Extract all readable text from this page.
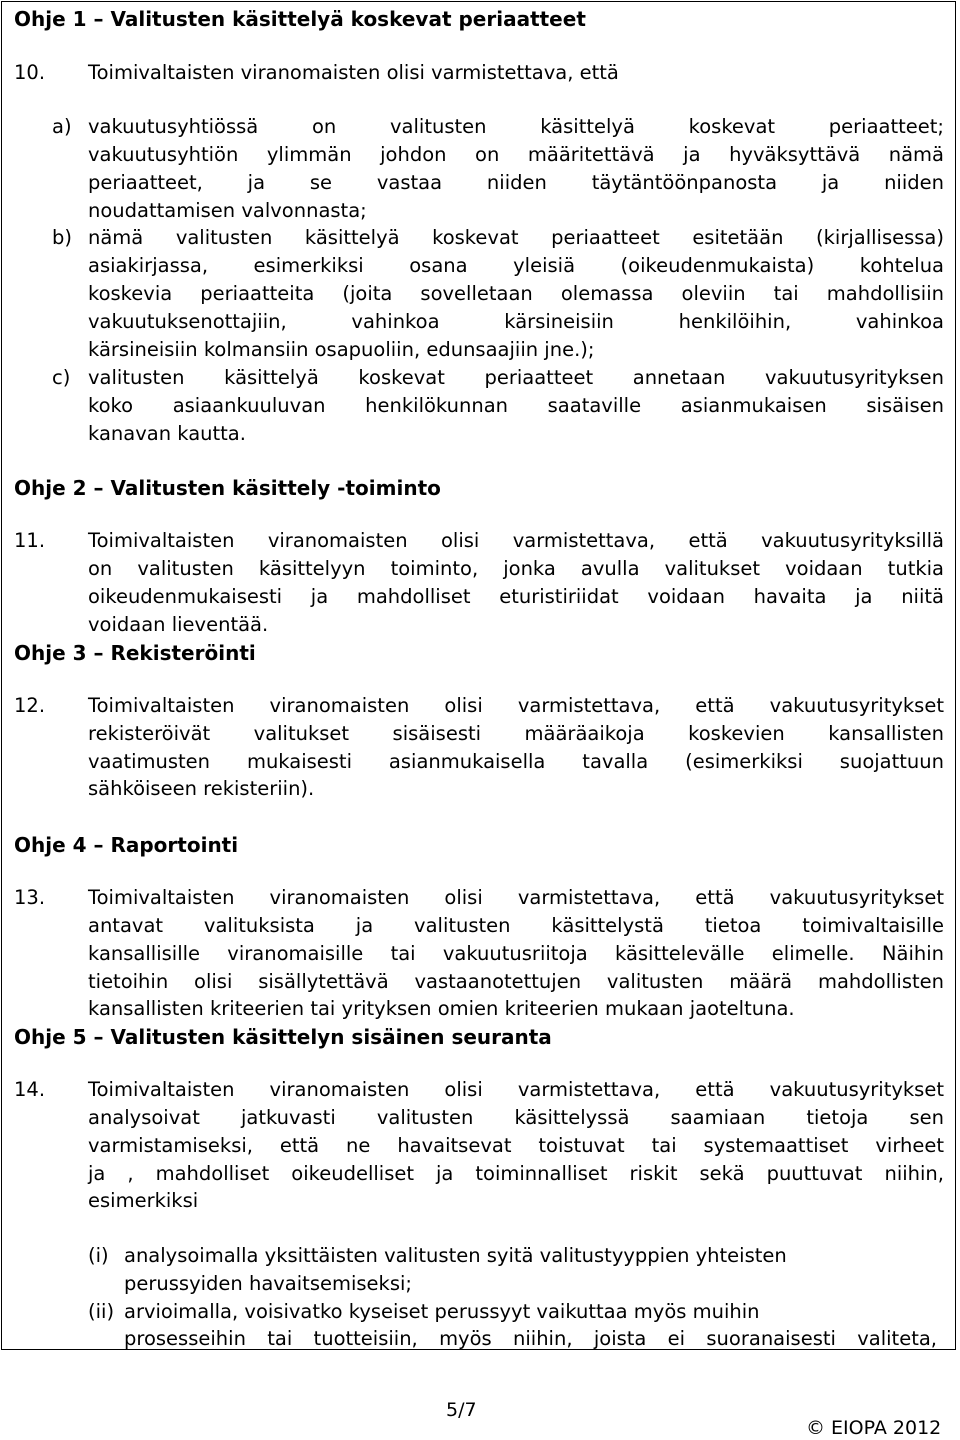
Ohje 1 – Valitusten käsittelyä koskevat periaatteet
10. Toimivaltaisten viranomaisten olisi varmistettava, että
a) vakuutusyhtiössä on valitusten käsittelyä koskevat periaatteet;
vakuutusyhtiön ylimmän johdon on määritettävä ja hyväksyttävä nämä
periaatteet, ja se vastaa niiden täytäntöönpanosta ja niiden
noudattamisen valvonnasta;
b) nämä valitusten käsittelyä koskevat periaatteet esitetään (kirjallisessa)
asiakirjassa, esimerkiksi osana yleisiä (oikeudenmukaista) kohtelua
koskevia periaatteita (joita sovelletaan olemassa oleviin tai mahdollisiin
vakuutuksenottajiin, vahinkoa kärsineisiin henkilöihin, vahinkoa
kärsineisiin kolmansiin osapuoliin, edunsaajiin jne.);
c) valitusten käsittelyä koskevat periaatteet annetaan vakuutusyrityksen
koko asiaankuuluvan henkilökunnan saataville asianmukaisen sisäisen
kanavan kautta.
Ohje 2 – Valitusten käsittely -toiminto
11. Toimivaltaisten viranomaisten olisi varmistettava, että vakuutusyrityksillä
on valitusten käsittelyyn toiminto, jonka avulla valitukset voidaan tutkia
oikeudenmukaisesti ja mahdolliset eturistiriidat voidaan havaita ja niitä
voidaan lieventää.
Ohje 3 – Rekisteröinti
12. Toimivaltaisten viranomaisten olisi varmistettava, että vakuutusyritykset
rekisteröivät valitukset sisäisesti määräaikoja koskevien kansallisten
vaatimusten mukaisesti asianmukaisella tavalla (esimerkiksi suojattuun
sähköiseen rekisteriin).
Ohje 4 – Raportointi
13. Toimivaltaisten viranomaisten olisi varmistettava, että vakuutusyritykset
antavat valituksista ja valitusten käsittelystä tietoa toimivaltaisille
kansallisille viranomaisille tai vakuutusriitoja käsittelevälle elimelle. Näihin
tietoihin olisi sisällytettävä vastaanotettujen valitusten määrä mahdollisten
kansallisten kriteerien tai yrityksen omien kriteerien mukaan jaoteltuna.
Ohje 5 – Valitusten käsittelyn sisäinen seuranta
14. Toimivaltaisten viranomaisten olisi varmistettava, että vakuutusyritykset
analysoivat jatkuvasti valitusten käsittelyssä saamiaan tietoja sen
varmistamiseksi, että ne havaitsevat toistuvat tai systemaattiset virheet
ja , mahdolliset oikeudelliset ja toiminnalliset riskit sekä puuttuvat niihin,
esimerkiksi
(i) analysoimalla yksittäisten valitusten syitä valitustyyppien yhteisten
perussyiden havaitsemiseksi;
(ii) arvioimalla, voisivatko kyseiset perussyyt vaikuttaa myös muihin
prosesseihin tai tuotteisiin, myös niihin, joista ei suoranaisesti valiteta,
5/7
© EIOPA 2012
